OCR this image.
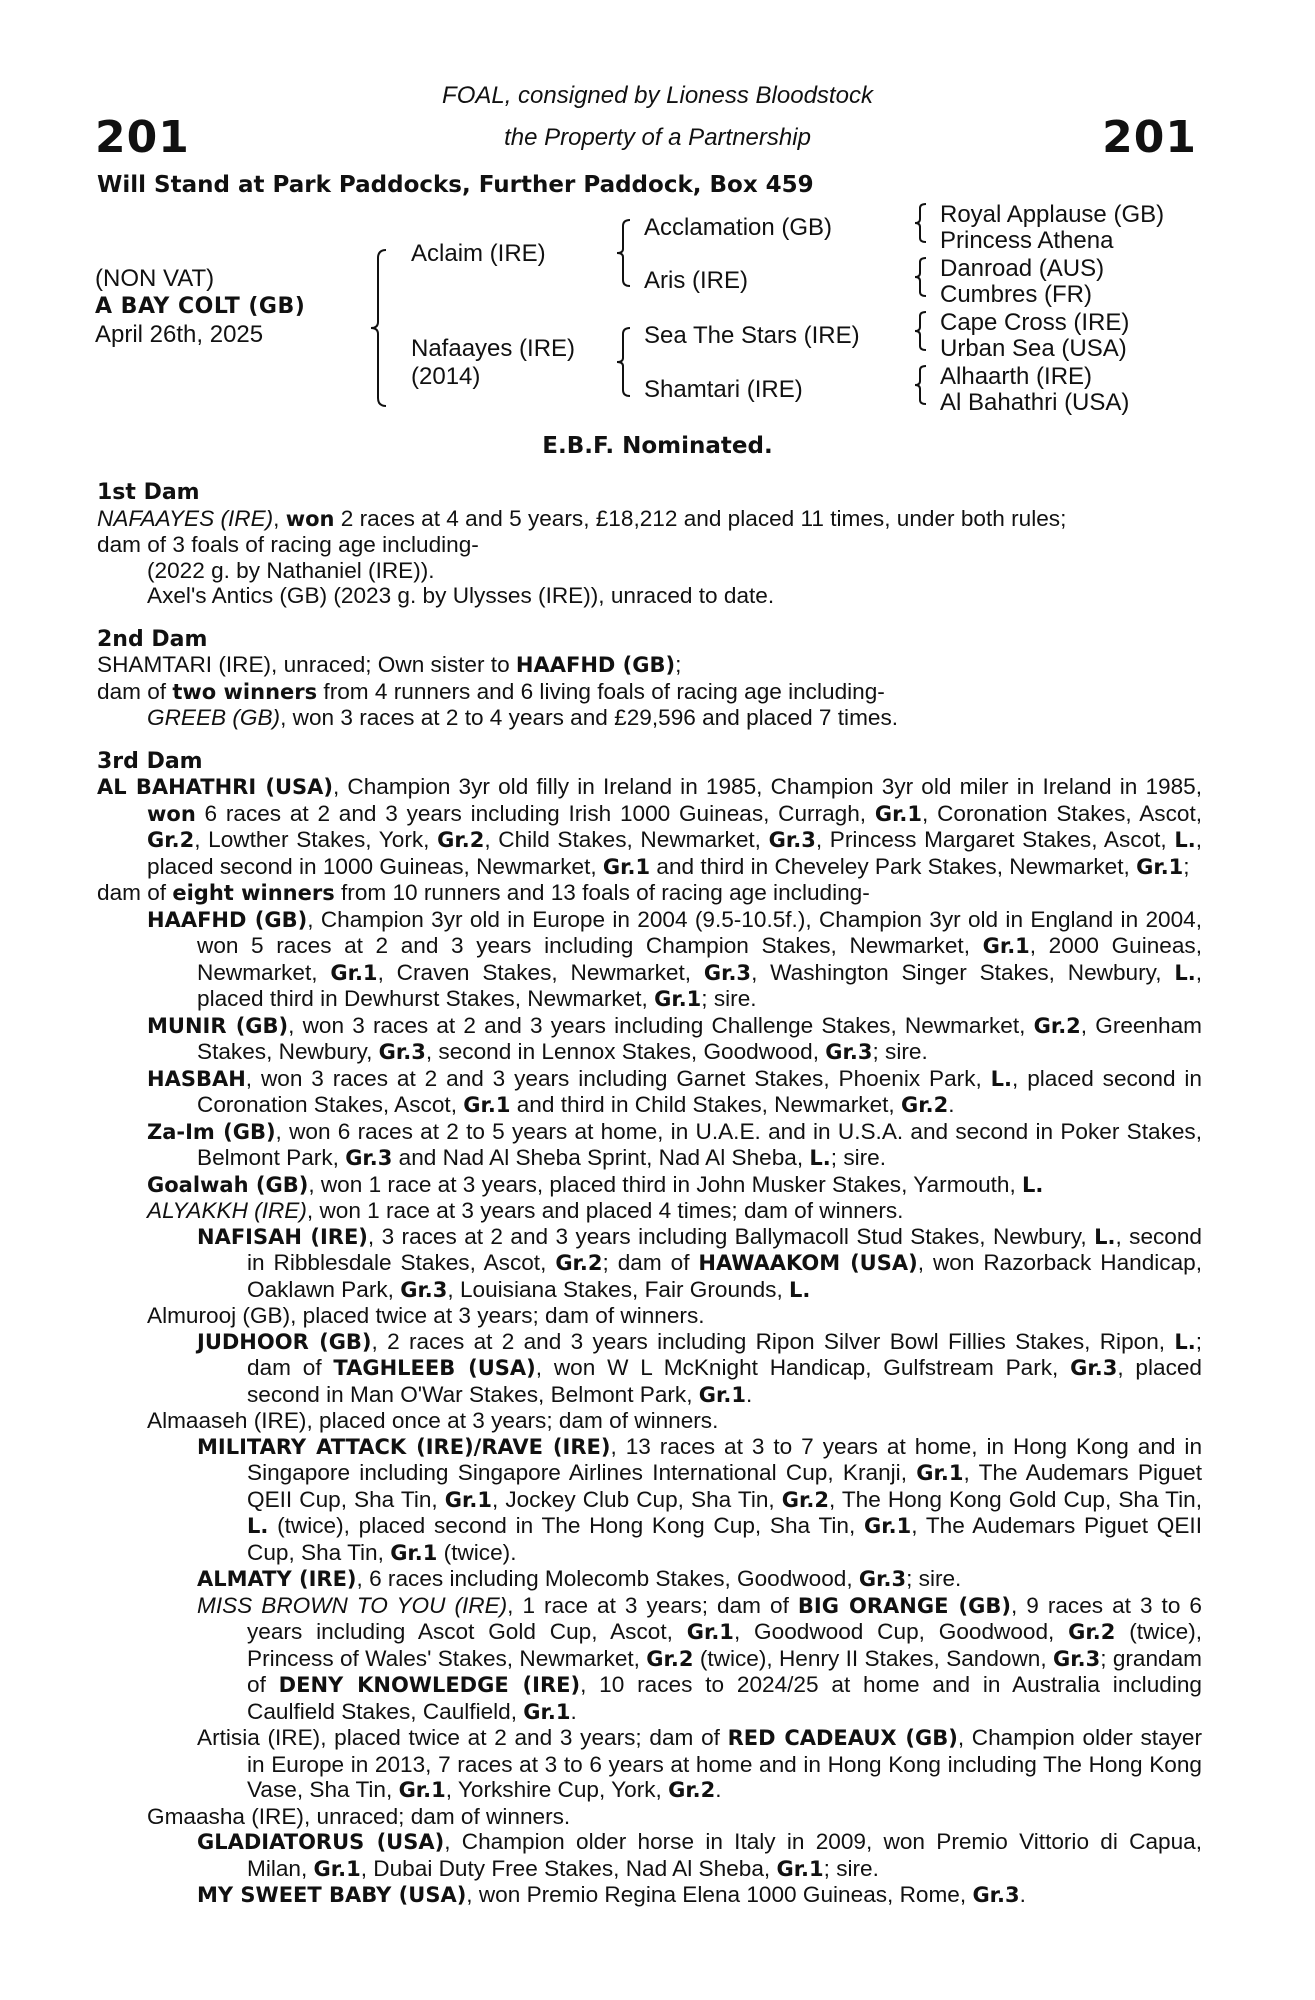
201	201
FOAL, consigned by Lioness Bloodstock
the Property of a Partnership
Will Stand at Park Paddocks, Further Paddock, Box 459
(NON VAT)
A BAY COLT (GB)
April 26th, 2025
Aclaim (IRE)
Nafaayes (IRE)
(2014)
Acclamation (GB)
Aris (IRE)
Sea The Stars (IRE)
Shamtari (IRE)
Royal Applause (GB)
Princess Athena
Danroad (AUS)
Cumbres (FR)
Cape Cross (IRE)
Urban Sea (USA)
Alhaarth (IRE)
Al Bahathri (USA)
E.B.F. Nominated.
1st Dam
NAFAAYES (IRE), won 2 races at 4 and 5 years, £18,212 and placed 11 times, under both rules;
dam of 3 foals of racing age including-
(2022 g. by Nathaniel (IRE)).
Axel's Antics (GB) (2023 g. by Ulysses (IRE)), unraced to date.
2nd Dam
SHAMTARI (IRE), unraced; Own sister to HAAFHD (GB);
dam of two winners from 4 runners and 6 living foals of racing age including-
GREEB (GB), won 3 races at 2 to 4 years and £29,596 and placed 7 times.
3rd Dam
AL BAHATHRI (USA), Champion 3yr old filly in Ireland in 1985, Champion 3yr old miler in Ireland in 1985, won 6 races at 2 and 3 years including Irish 1000 Guineas, Curragh, Gr.1, Coronation Stakes, Ascot, Gr.2, Lowther Stakes, York, Gr.2, Child Stakes, Newmarket, Gr.3, Princess Margaret Stakes, Ascot, L., placed second in 1000 Guineas, Newmarket, Gr.1 and third in Cheveley Park Stakes, Newmarket, Gr.1;
dam of eight winners from 10 runners and 13 foals of racing age including-
HAAFHD (GB), Champion 3yr old in Europe in 2004 (9.5-10.5f.), Champion 3yr old in England in 2004, won 5 races at 2 and 3 years including Champion Stakes, Newmarket, Gr.1, 2000 Guineas, Newmarket, Gr.1, Craven Stakes, Newmarket, Gr.3, Washington Singer Stakes, Newbury, L., placed third in Dewhurst Stakes, Newmarket, Gr.1; sire.
MUNIR (GB), won 3 races at 2 and 3 years including Challenge Stakes, Newmarket, Gr.2, Greenham Stakes, Newbury, Gr.3, second in Lennox Stakes, Goodwood, Gr.3; sire.
HASBAH, won 3 races at 2 and 3 years including Garnet Stakes, Phoenix Park, L., placed second in Coronation Stakes, Ascot, Gr.1 and third in Child Stakes, Newmarket, Gr.2.
Za-Im (GB), won 6 races at 2 to 5 years at home, in U.A.E. and in U.S.A. and second in Poker Stakes, Belmont Park, Gr.3 and Nad Al Sheba Sprint, Nad Al Sheba, L.; sire.
Goalwah (GB), won 1 race at 3 years, placed third in John Musker Stakes, Yarmouth, L.
ALYAKKH (IRE), won 1 race at 3 years and placed 4 times; dam of winners.
NAFISAH (IRE), 3 races at 2 and 3 years including Ballymacoll Stud Stakes, Newbury, L., second in Ribblesdale Stakes, Ascot, Gr.2; dam of HAWAAKOM (USA), won Razorback Handicap, Oaklawn Park, Gr.3, Louisiana Stakes, Fair Grounds, L.
Almurooj (GB), placed twice at 3 years; dam of winners.
JUDHOOR (GB), 2 races at 2 and 3 years including Ripon Silver Bowl Fillies Stakes, Ripon, L.; dam of TAGHLEEB (USA), won W L McKnight Handicap, Gulfstream Park, Gr.3, placed second in Man O'War Stakes, Belmont Park, Gr.1.
Almaaseh (IRE), placed once at 3 years; dam of winners.
MILITARY ATTACK (IRE)/RAVE (IRE), 13 races at 3 to 7 years at home, in Hong Kong and in Singapore including Singapore Airlines International Cup, Kranji, Gr.1, The Audemars Piguet QEII Cup, Sha Tin, Gr.1, Jockey Club Cup, Sha Tin, Gr.2, The Hong Kong Gold Cup, Sha Tin, L. (twice), placed second in The Hong Kong Cup, Sha Tin, Gr.1, The Audemars Piguet QEII Cup, Sha Tin, Gr.1 (twice).
ALMATY (IRE), 6 races including Molecomb Stakes, Goodwood, Gr.3; sire.
MISS BROWN TO YOU (IRE), 1 race at 3 years; dam of BIG ORANGE (GB), 9 races at 3 to 6 years including Ascot Gold Cup, Ascot, Gr.1, Goodwood Cup, Goodwood, Gr.2 (twice), Princess of Wales' Stakes, Newmarket, Gr.2 (twice), Henry II Stakes, Sandown, Gr.3; grandam of DENY KNOWLEDGE (IRE), 10 races to 2024/25 at home and in Australia including Caulfield Stakes, Caulfield, Gr.1.
Artisia (IRE), placed twice at 2 and 3 years; dam of RED CADEAUX (GB), Champion older stayer in Europe in 2013, 7 races at 3 to 6 years at home and in Hong Kong including The Hong Kong Vase, Sha Tin, Gr.1, Yorkshire Cup, York, Gr.2.
Gmaasha (IRE), unraced; dam of winners.
GLADIATORUS (USA), Champion older horse in Italy in 2009, won Premio Vittorio di Capua, Milan, Gr.1, Dubai Duty Free Stakes, Nad Al Sheba, Gr.1; sire.
MY SWEET BABY (USA), won Premio Regina Elena 1000 Guineas, Rome, Gr.3.
